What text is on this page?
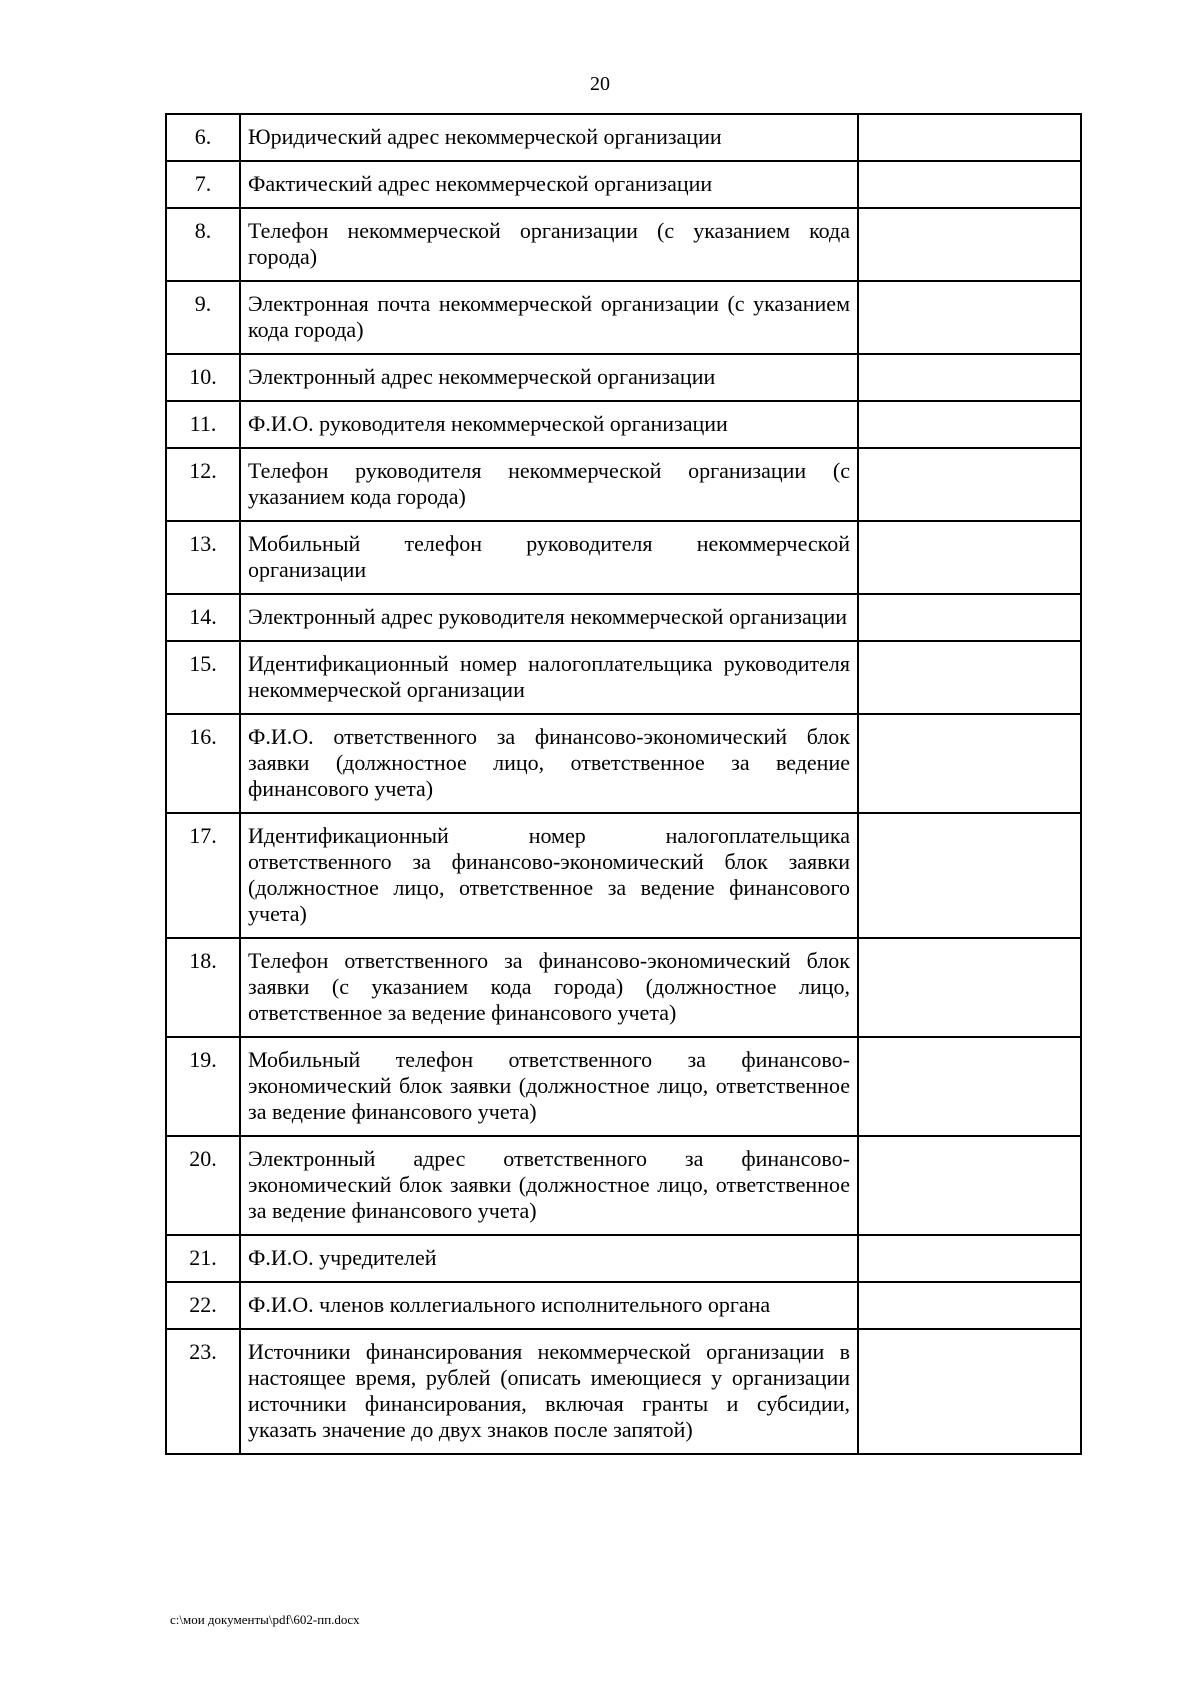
20
6.	Юридический адрес некоммерческой организации	
7.	Фактический адрес некоммерческой организации	
8.	Телефон некоммерческой организации (с указанием кода города)	
9.	Электронная почта некоммерческой организации (с указанием кода города)	
10.	Электронный адрес некоммерческой организации	
11.	Ф.И.О. руководителя некоммерческой организации	
12.	Телефон руководителя некоммерческой организации (с указанием кода города)	
13.	Мобильный телефон руководителя некоммерческой организации	
14.	Электронный адрес руководителя некоммерческой организации	
15.	Идентификационный номер налогоплательщика руководителя некоммерческой организации	
16.	Ф.И.О. ответственного за финансово-экономический блок заявки (должностное лицо, ответственное за ведение финансового учета)	
17.	Идентификационный номер налогоплательщика ответственного за финансово-экономический блок заявки (должностное лицо, ответственное за ведение финансового учета)	
18.	Телефон ответственного за финансово-экономический блок заявки (с указанием кода города) (должностное лицо, ответственное за ведение финансового учета)	
19.	Мобильный телефон ответственного за финансово-экономический блок заявки (должностное лицо, ответственное за ведение финансового учета)	
20.	Электронный адрес ответственного за финансово-экономический блок заявки (должностное лицо, ответственное за ведение финансового учета)	
21.	Ф.И.О. учредителей	
22.	Ф.И.О. членов коллегиального исполнительного органа	
23.	Источники финансирования некоммерческой организации в настоящее время, рублей (описать имеющиеся у организации источники финансирования, включая гранты и субсидии, указать значение до двух знаков после запятой)	
c:\мои документы\pdf\602-пп.docx
